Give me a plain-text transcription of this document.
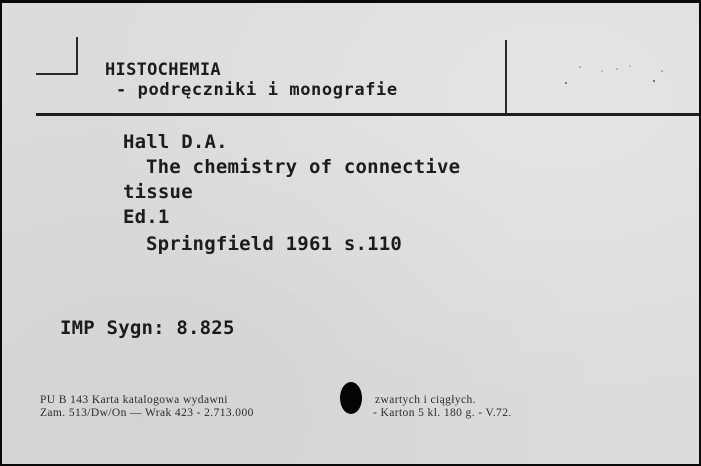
HISTOCHEMIA

- podręczniki i monografie

Hall D.A.

The chemistry of connective

tissue

Ed.1

Springfield 1961 s.110

IMP Sygn: 8.825

PU B 143 Karta katalogowa wydawni	zwartych i ciągłych.

Zam. 513/Dw/On — Wrak 423 - 2.713.000	- Karton 5 kl. 180 g. - V.72.
